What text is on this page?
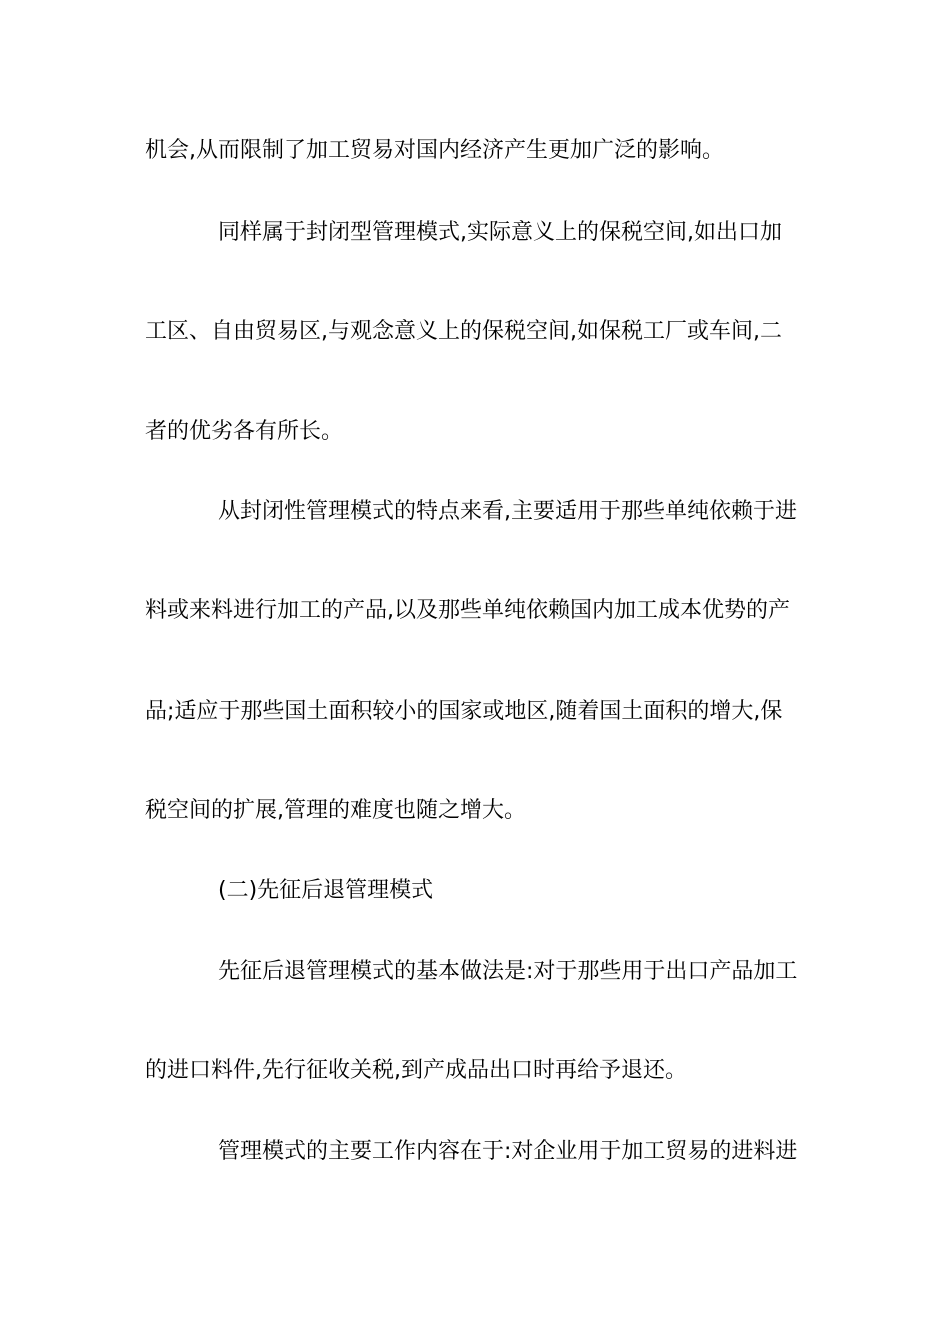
机会,从而限制了加工贸易对国内经济产生更加广泛的影响。
同样属于封闭型管理模式,实际意义上的保税空间,如出口加
工区、自由贸易区,与观念意义上的保税空间,如保税工厂或车间,二
者的优劣各有所长。
从封闭性管理模式的特点来看,主要适用于那些单纯依赖于进
料或来料进行加工的产品,以及那些单纯依赖国内加工成本优势的产
品;适应于那些国土面积较小的国家或地区,随着国土面积的增大,保
税空间的扩展,管理的难度也随之增大。
(二)先征后退管理模式
先征后退管理模式的基本做法是:对于那些用于出口产品加工
的进口料件,先行征收关税,到产成品出口时再给予退还。
管理模式的主要工作内容在于:对企业用于加工贸易的进料进
